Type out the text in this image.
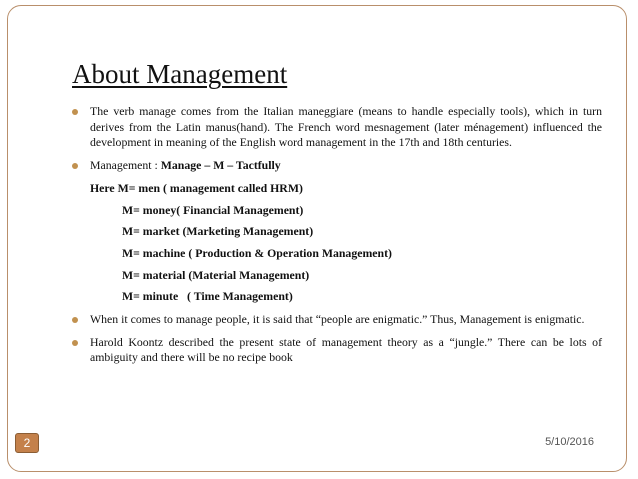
About Management
The verb manage comes from the Italian maneggiare (means to handle especially tools), which in turn derives from the Latin manus(hand). The French word mesnagement (later ménagement) influenced the development in meaning of the English word management in the 17th and 18th centuries.
Management : Manage – M – Tactfully
Here M= men ( management called HRM)
M= money( Financial Management)
M= market (Marketing Management)
M= machine ( Production & Operation Management)
M= material (Material Management)
M= minute   ( Time Management)
When it comes to manage people, it is said that “people are enigmatic.” Thus, Management is enigmatic.
Harold Koontz described the present state of management theory as a “jungle.” There can be lots of ambiguity and there will be no recipe book
2	5/10/2016
